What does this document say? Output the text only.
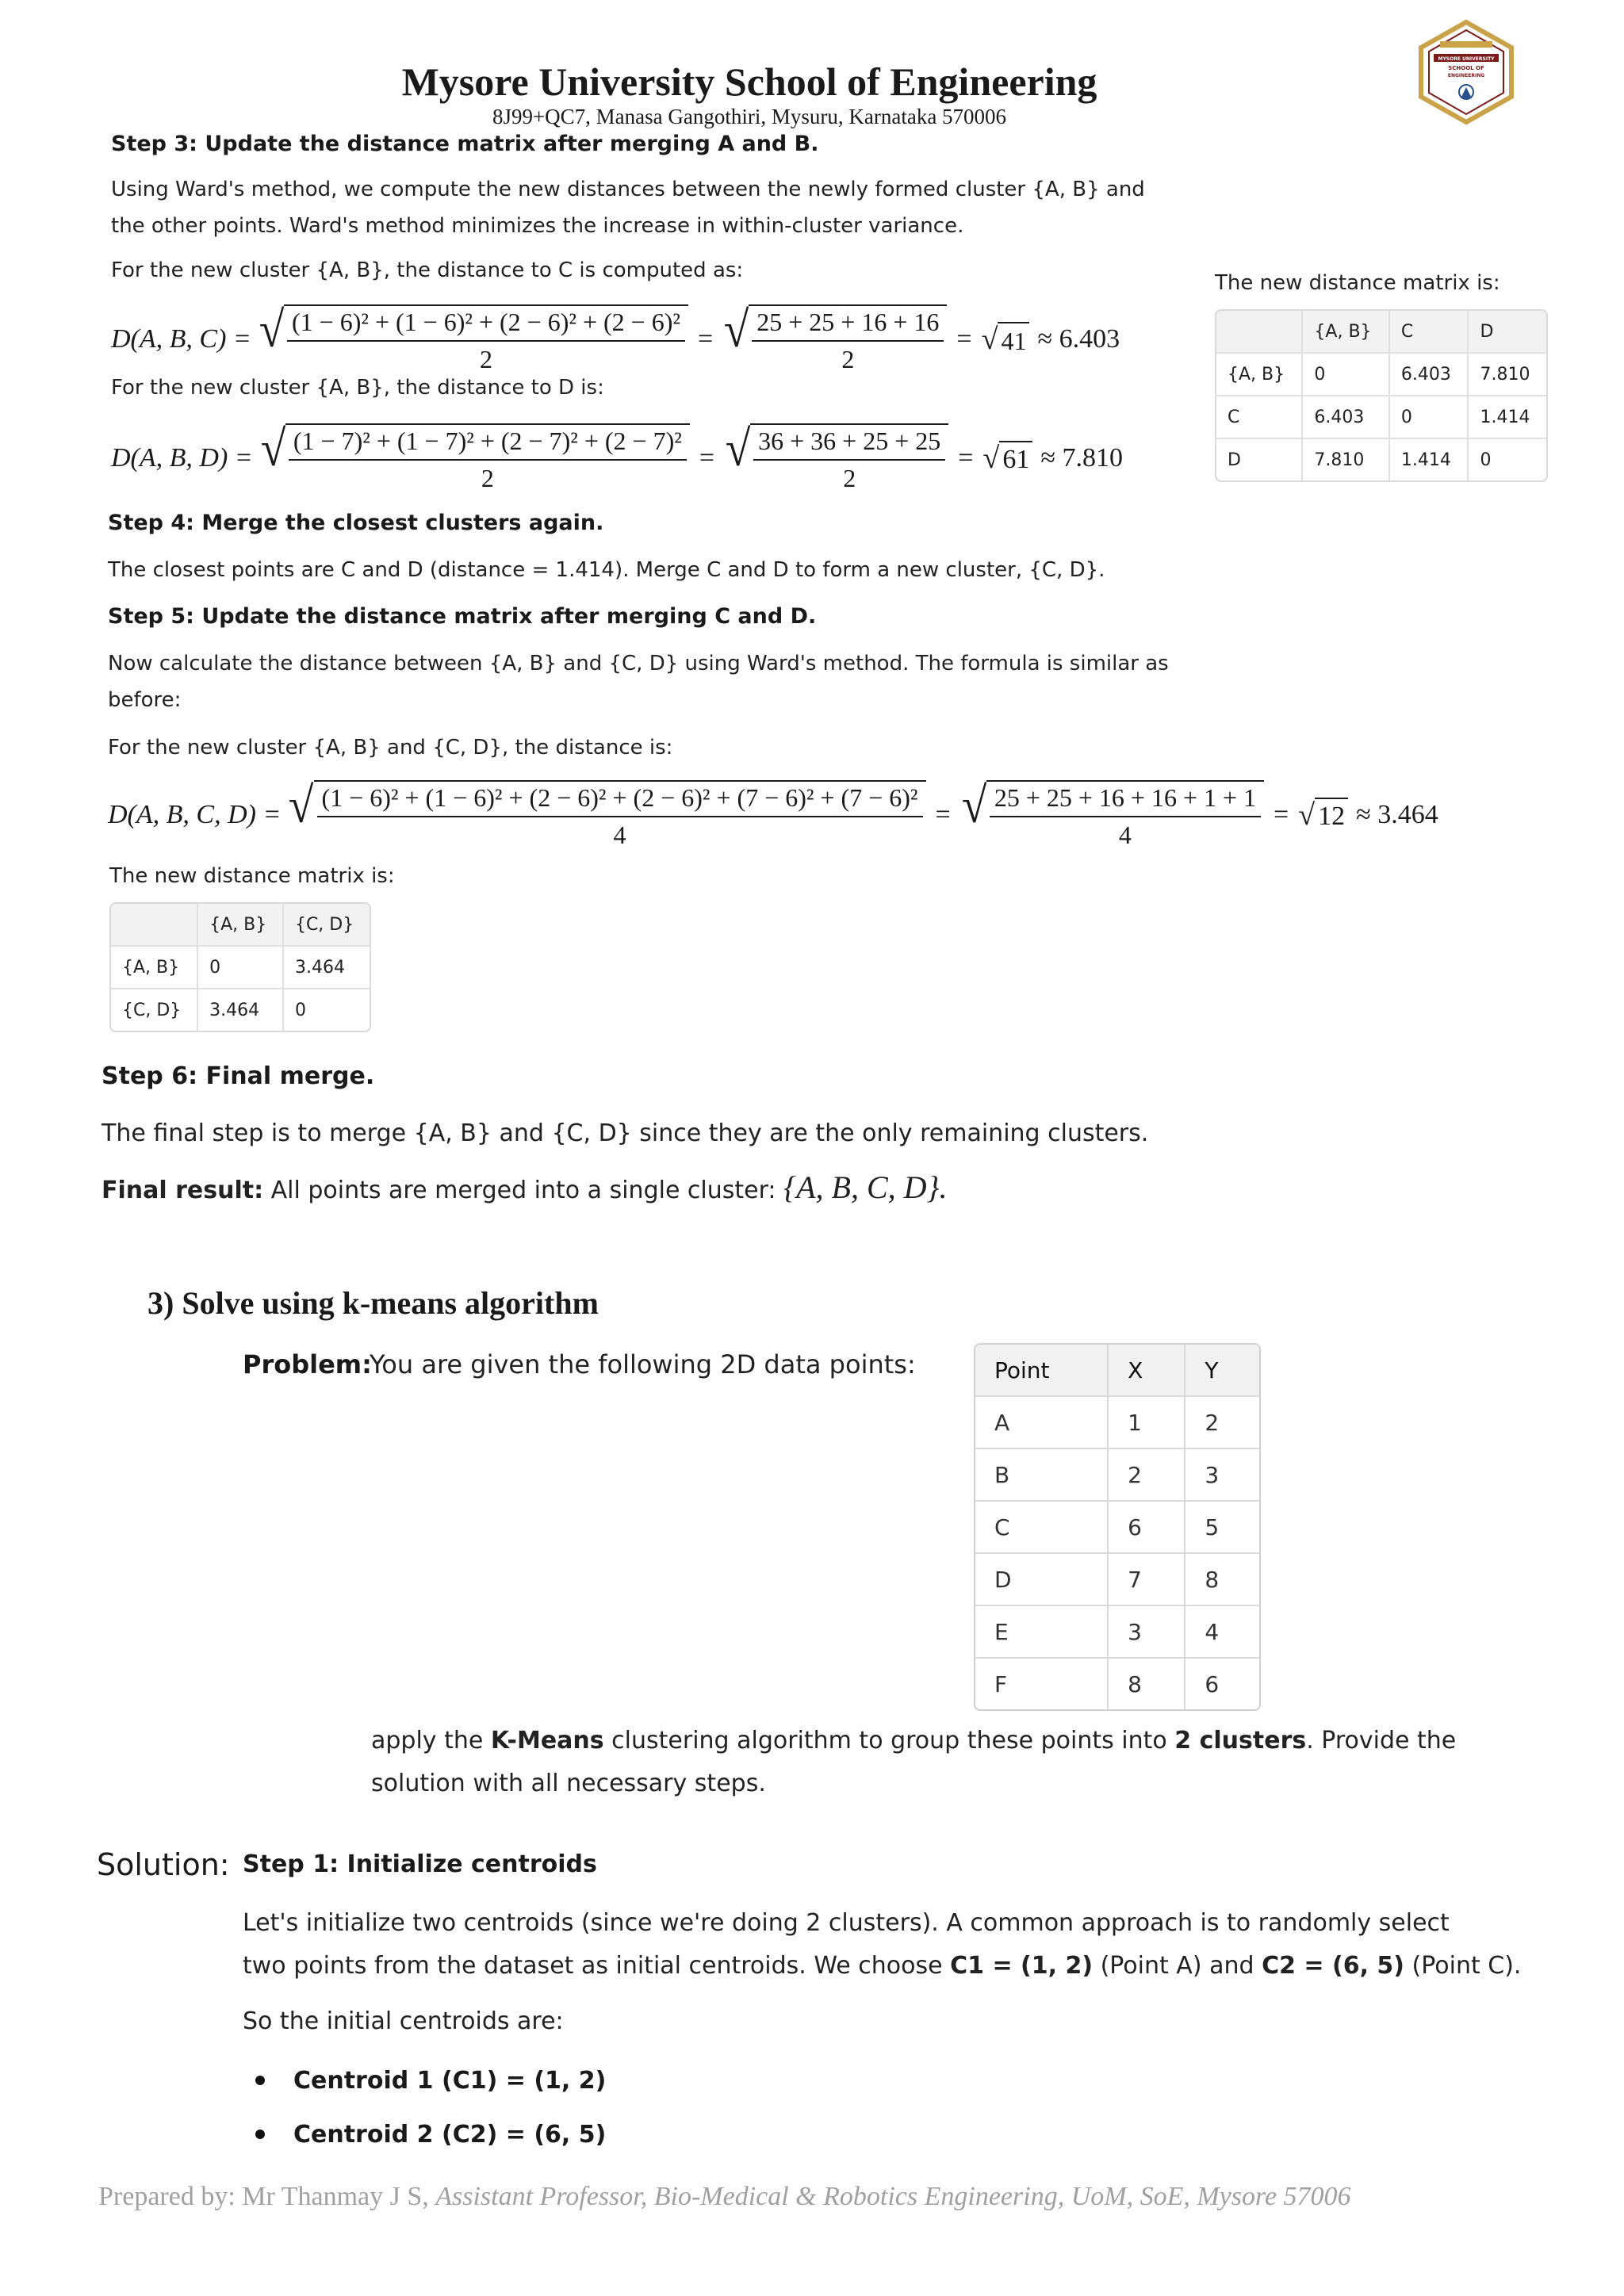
Mysore University School of Engineering
8J99+QC7, Manasa Gangothiri, Mysuru, Karnataka 570006
MYSORE UNIVERSITY
SCHOOL OF
ENGINEERING
Step 3: Update the distance matrix after merging A and B.
Using Ward's method, we compute the new distances between the newly formed cluster {A, B} and
the other points. Ward's method minimizes the increase in within-cluster variance.
For the new cluster {A, B}, the distance to C is computed as:
D(A, B, C) = √ $\frac{\text{(1 − 6)² + (1 − 6)² + (2 − 6)² + (2 − 6)²}}{2}$ = √ $\frac{25 + 25 + 16 + 16}{2}$ = √ 41 ≈ 6.403
For the new cluster {A, B}, the distance to D is:
D(A, B, D) = √ $\frac{\text{(1 − 7)² + (1 − 7)² + (2 − 7)² + (2 − 7)²}}{2}$ = √ $\frac{36 + 36 + 25 + 25}{2}$ = √ 61 ≈ 7.810
The new distance matrix is:
	{A, B}	C	D
{A, B}	0	6.403	7.810
C	6.403	0	1.414
D	7.810	1.414	0
Step 4: Merge the closest clusters again.
The closest points are C and D (distance = 1.414). Merge C and D to form a new cluster, {C, D}.
Step 5: Update the distance matrix after merging C and D.
Now calculate the distance between {A, B} and {C, D} using Ward's method. The formula is similar as
before:
For the new cluster {A, B} and {C, D}, the distance is:
D(A, B, C, D) = √ (1 − 6)² + (1 − 6)² + (2 − 6)² + (2 − 6)² + (7 − 6)² + (7 − 6)²
4
= √ $\frac{25 + 25 + 16 + 16 + 1 + 1}{4}$ = √ 12 ≈ 3.464
The new distance matrix is:
	{A, B}	{C, D}
{A, B}	0	3.464
{C, D}	3.464	0
Step 6: Final merge.
The final step is to merge {A, B} and {C, D} since they are the only remaining clusters.
Final result: All points are merged into a single cluster: {A, B, C, D}.
3) Solve using k-means algorithm
Problem:
You are given the following 2D data points:	Point	X	Y
A	1	2
B	2	3
C	6	5
D	7	8
E	3	4
F	8	6
apply the K-Means clustering algorithm to group these points into 2 clusters. Provide the
solution with all necessary steps.
Solution: Step 1: Initialize centroids
Let's initialize two centroids (since we're doing 2 clusters). A common approach is to randomly select
two points from the dataset as initial centroids. We choose C1 = (1, 2) (Point A) and C2 = (6, 5) (Point C).
So the initial centroids are:
Centroid 1 (C1) = (1, 2)
Centroid 2 (C2) = (6, 5)
Prepared by: Mr Thanmay J S, Assistant Professor, Bio-Medical & Robotics Engineering, UoM, SoE, Mysore 57006
